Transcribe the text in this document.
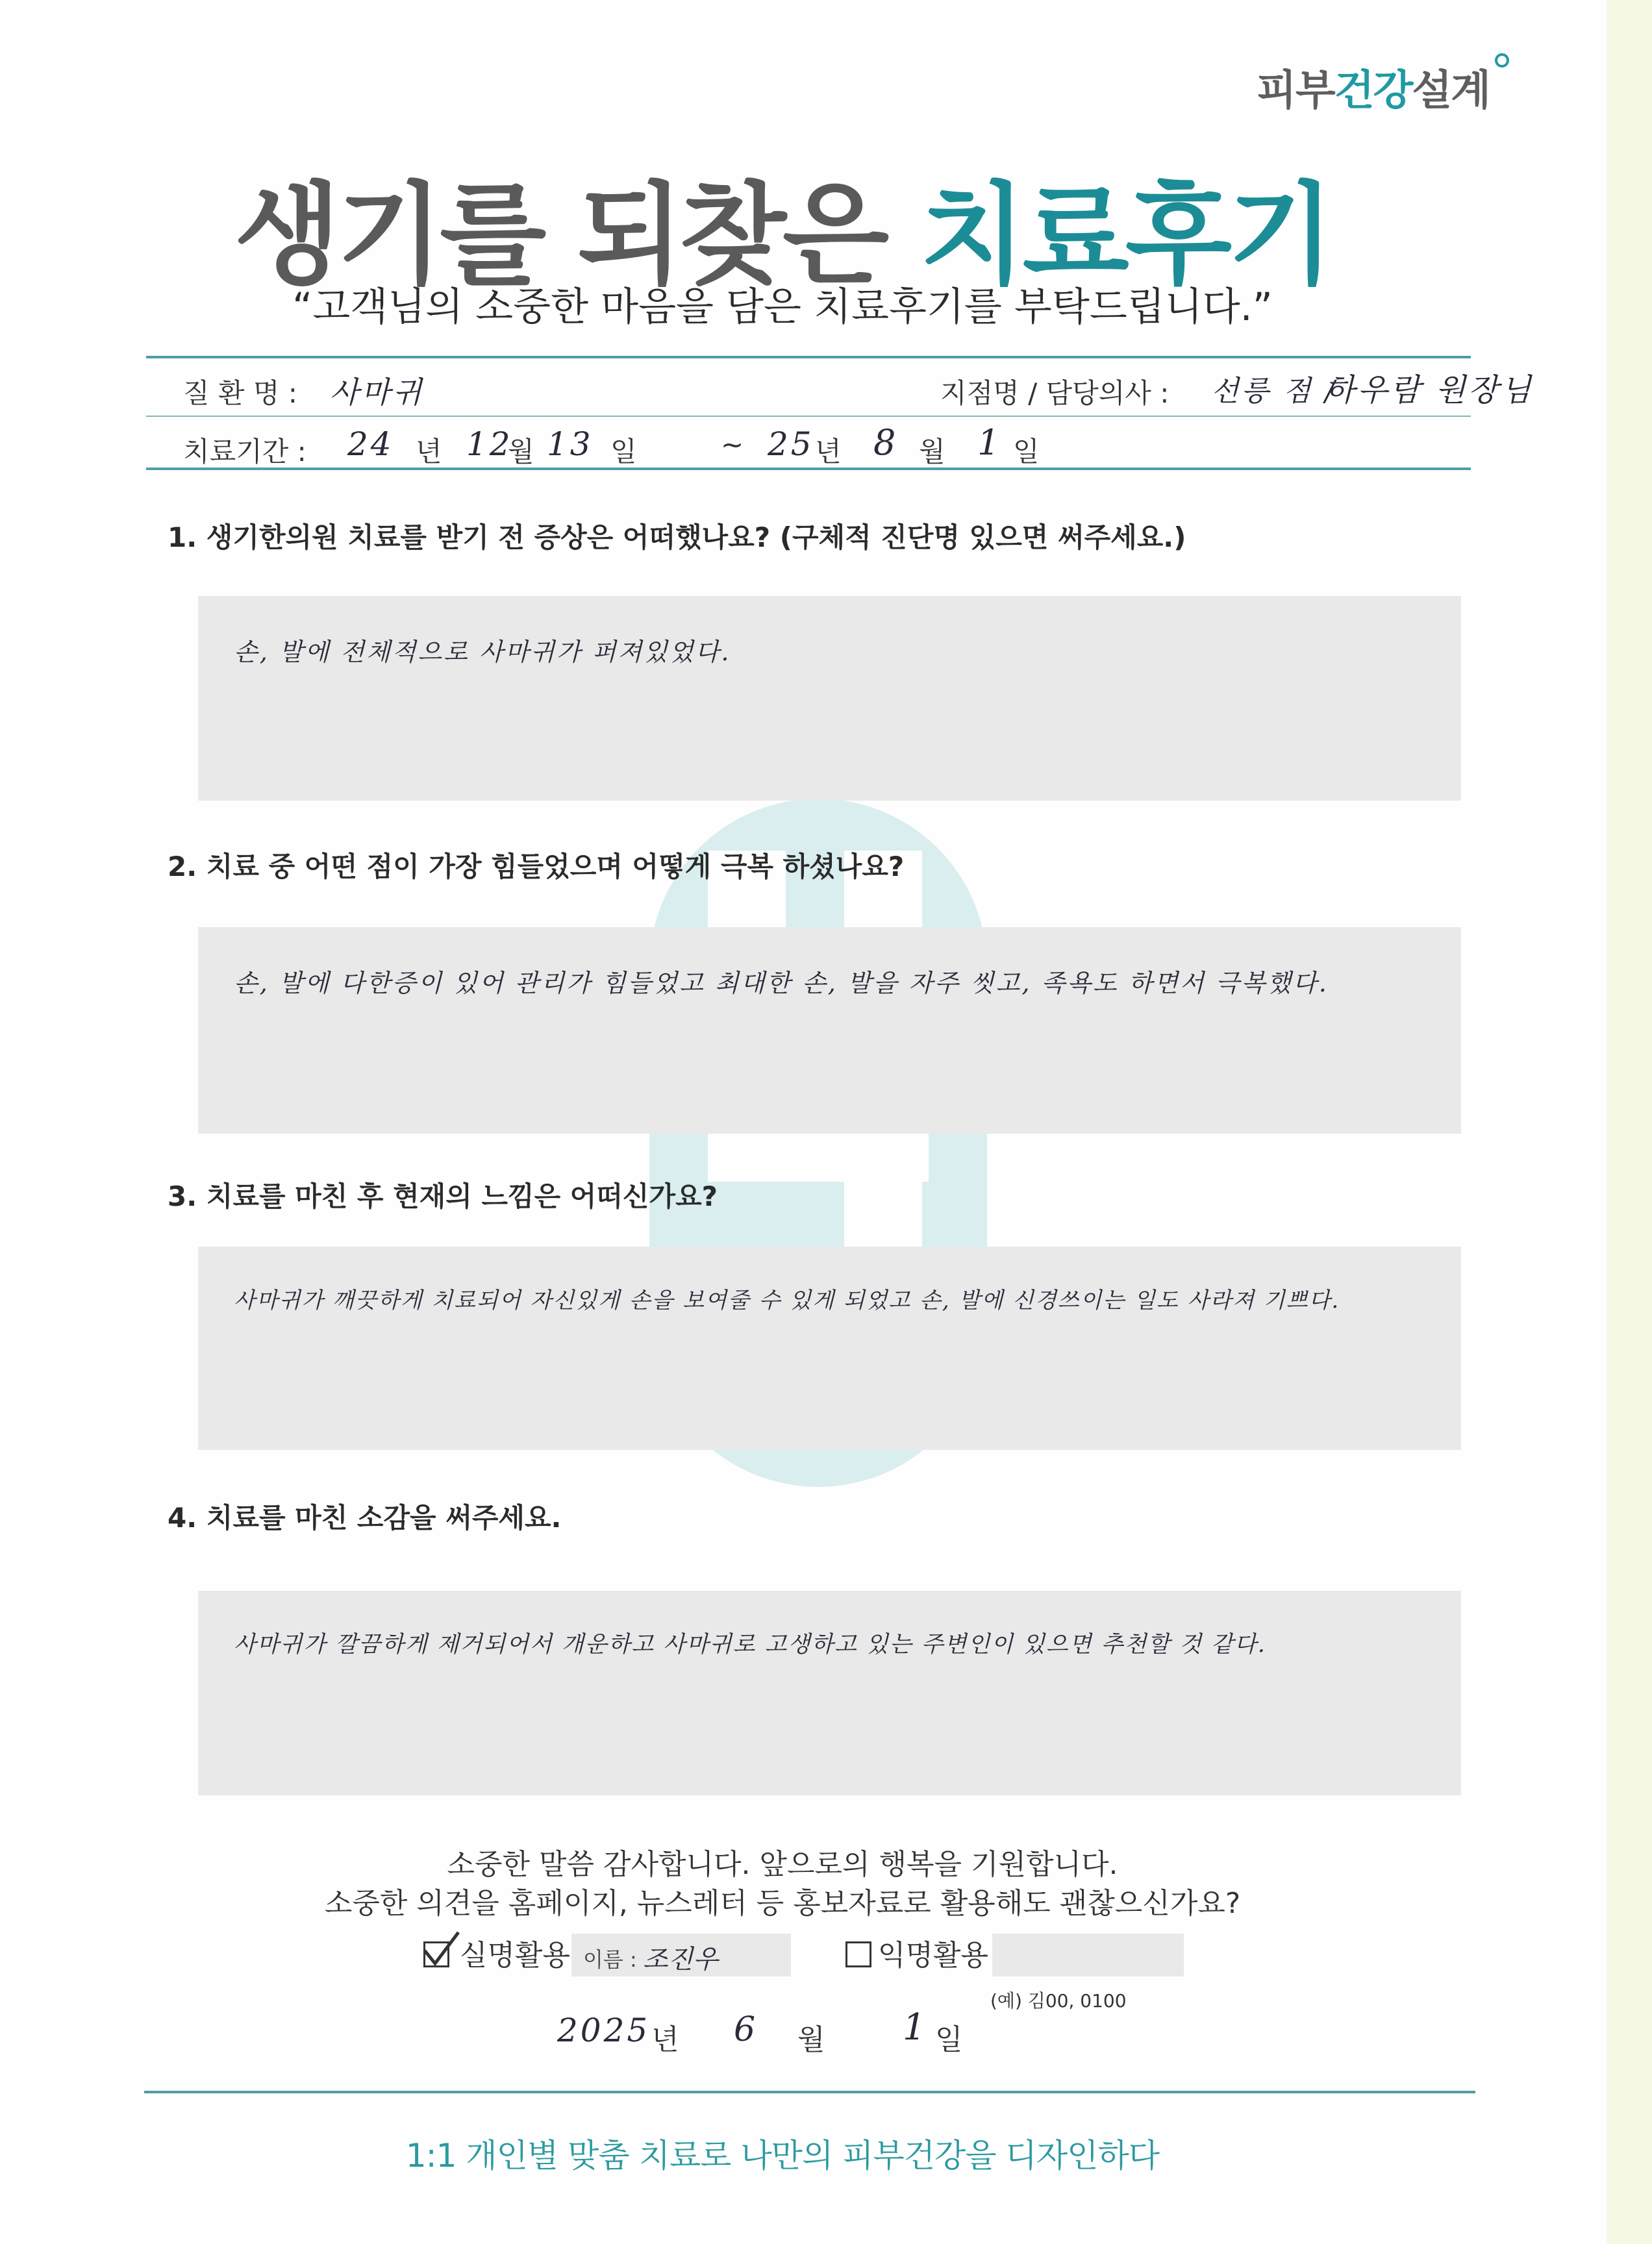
피부건강설계
생기를 되찾은 치료후기
“고객님의 소중한 마음을 담은 치료후기를 부탁드립니다.”
질 환 명 : 사마귀	지점명 / 담당의사 : 선릉 점 /
하우람 원장님
치료기간 : 24 년 12
월 13 일	~ 25 년 8 월 1 일
1. 생기한의원 치료를 받기 전 증상은 어떠했나요? (구체적 진단명 있으면 써주세요.)
손, 발에 전체적으로 사마귀가 퍼져있었다.
2. 치료 중 어떤 점이 가장 힘들었으며 어떻게 극복 하셨나요?
손, 발에 다한증이 있어 관리가 힘들었고 최대한 손, 발을 자주 씻고, 족욕도 하면서 극복했다.
3. 치료를 마친 후 현재의 느낌은 어떠신가요?
사마귀가 깨끗하게 치료되어 자신있게 손을 보여줄 수 있게 되었고 손, 발에 신경쓰이는 일도 사라져 기쁘다.
4. 치료를 마친 소감을 써주세요.
사마귀가 깔끔하게 제거되어서 개운하고 사마귀로 고생하고 있는 주변인이 있으면 추천할 것 같다.
소중한 말씀 감사합니다. 앞으로의 행복을 기원합니다.
소중한 의견을 홈페이지, 뉴스레터 등 홍보자료로 활용해도 괜찮으신가요?
실명활용 이름 : 조진우	익명활용
(예) 김00, 0100
2025 년 6 월 1 일
1:1 개인별 맞춤 치료로 나만의 피부건강을 디자인하다
